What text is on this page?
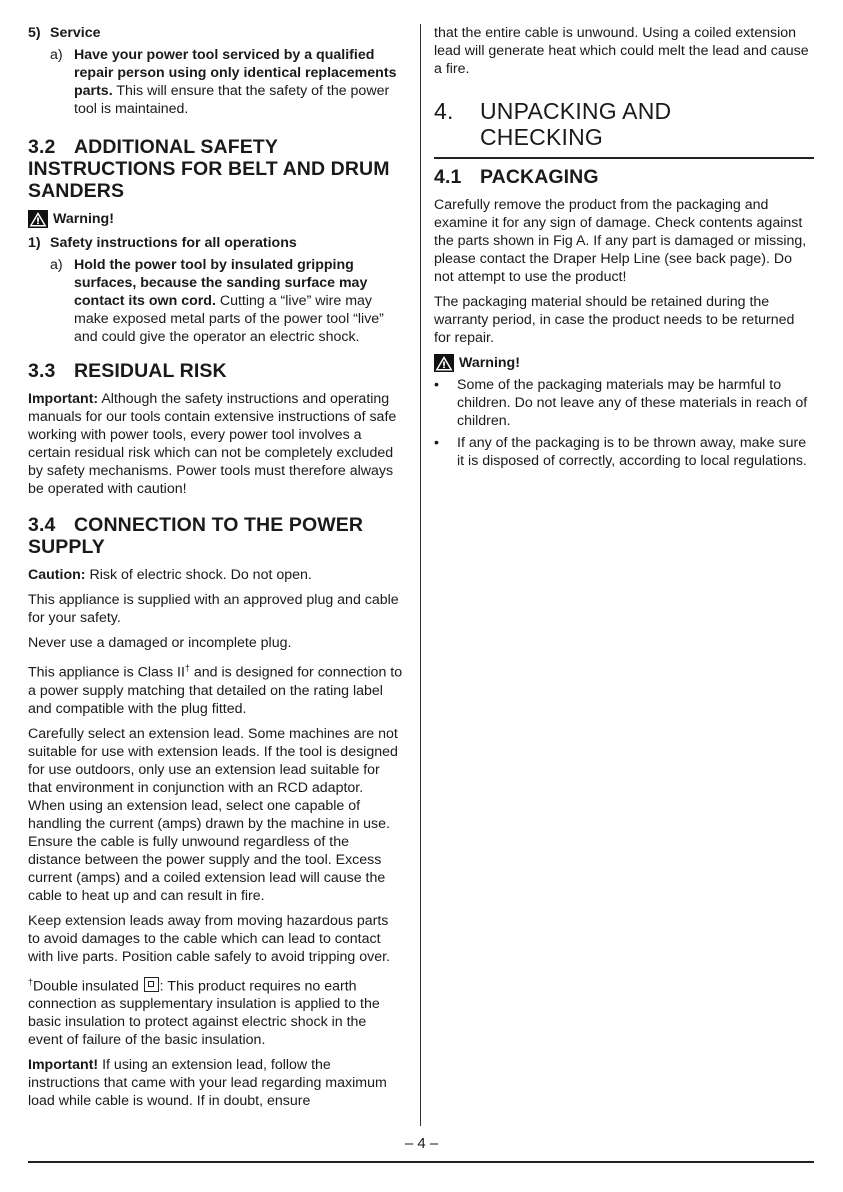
5) Service
a) Have your power tool serviced by a qualified repair person using only identical replacements parts. This will ensure that the safety of the power tool is maintained.
3.2 ADDITIONAL SAFETY
INSTRUCTIONS FOR BELT AND DRUM SANDERS
Warning!
1) Safety instructions for all operations
a) Hold the power tool by insulated gripping surfaces, because the sanding surface may contact its own cord. Cutting a “live” wire may make exposed metal parts of the power tool “live” and could give the operator an electric shock.
3.3 RESIDUAL RISK

Important: Although the safety instructions and operating manuals for our tools contain extensive instructions of safe working with power tools, every power tool involves a certain residual risk which can not be completely excluded by safety mechanisms. Power tools must therefore always be operated with caution!

3.4 CONNECTION TO THE POWER
SUPPLY

Caution: Risk of electric shock. Do not open.

This appliance is supplied with an approved plug and cable for your safety.

Never use a damaged or incomplete plug.

This appliance is Class II† and is designed for connection to a power supply matching that detailed on the rating label and compatible with the plug fitted.

Carefully select an extension lead. Some machines are not suitable for use with extension leads. If the tool is designed for use outdoors, only use an extension lead suitable for that environment in conjunction with an RCD adaptor. When using an extension lead, select one capable of handling the current (amps) drawn by the machine in use. Ensure the cable is fully unwound regardless of the distance between the power supply and the tool. Excess current (amps) and a coiled extension lead will cause the cable to heat up and can result in fire.

Keep extension leads away from moving hazardous parts to avoid damages to the cable which can lead to contact with live parts. Position cable safely to avoid tripping over.

†Double insulated
: This product requires no earth connection as supplementary insulation is applied to the basic insulation to protect against electric shock in the event of failure of the basic insulation.

Important! If using an extension lead, follow the instructions that came with your lead regarding maximum load while cable is wound. If in doubt, ensure

that the entire cable is unwound. Using a coiled extension lead will generate heat which could melt the lead and cause a fire.

4. UNPACKING AND
CHECKING
4.1 PACKAGING

Carefully remove the product from the packaging and examine it for any sign of damage. Check contents against the parts shown in Fig A. If any part is damaged or missing, please contact the Draper Help Line (see back page). Do not attempt to use the product!

The packaging material should be retained during the warranty period, in case the product needs to be returned for repair.

Warning!
•	Some of the packaging materials may be harmful to children. Do not leave any of these materials in reach of children.
•	If any of the packaging is to be thrown away, make sure it is disposed of correctly, according to local regulations.
– 4 –
